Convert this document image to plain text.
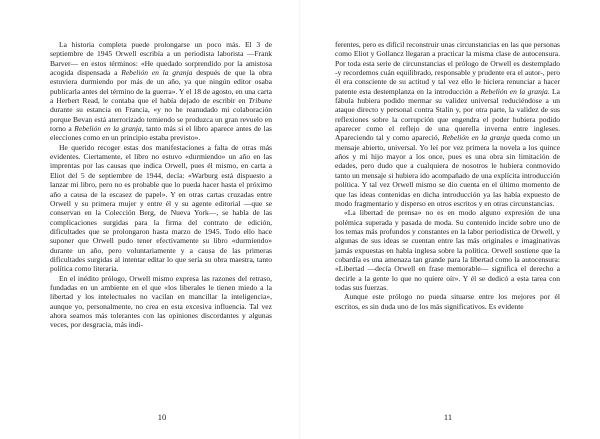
La historia completa puede prolongarse un poco más. El 3 de septiembre de 1945 Orwell escribía a un periodista laborista —Frank Barver— en estos términos: «He quedado sorprendido por la amistosa acogida dispensada a Rebelión en la granja después de que la obra estuviera durmiendo por más de un año, ya que ningún editor osaba publicarla antes del término de la guerra». Y el 18 de agosto, en una carta a Herbert Read, le contaba que el había dejado de escribir en Tribune durante su estancia en Francia, «y no he reanudado mi colaboración porque Bevan está aterrorizado temiendo se produzca un gran revuelo en torno a Rebelión en la granja, tanto más si el libro aparece antes de las elecciones como en un principio estaba previsto».

He querido recoger estas dos manifestaciones a falta de otras más evidentes. Ciertamente, el libro no estuvo «durmiendo» un año en las imprentas por las causas que indica Orwell, pues él mismo, en carta a Eliot del 5 de septiembre de 1944, decía: «Warburg está dispuesto a lanzar mi libro, pero no es probable que lo pueda hacer hasta el próximo año a causa de la escasez de papel». Y en otras cartas cruzadas entre Orwell y su primera mujer y entre él y su agente editorial —que se conservan en la Colección Berg, de Nueva York—, se habla de las complicaciones surgidas para la firma del contrato de edición, dificultades que se prolongaron hasta marzo de 1945. Todo ello hace suponer que Orwell pudo tener efectivamente su libro «durmiendo» durante un año, pero voluntariamente y a causa de las primeras dificultades surgidas al intentar editar lo que sería su obra maestra, tanto política como literaria.

En el inédito prólogo, Orwell mismo expresa las razones del retraso, fundadas en un ambiente en el que «los liberales le tienen miedo a la libertad y los intelectuales no vacilan en mancillar la inteligencia», aunque yo, personalmente, no crea en esta excesiva influencia. Tal vez ahora seamos más tolerantes con las opiniones discordantes y algunas veces, por desgracia, más indi-

10

ferentes, pero es difícil reconstruir unas circunstancias en las que personas como Eliot y Gollancz llegaran a practicar la misma clase de autocensura. Por toda esta serie de circunstancias el prólogo de Orwell es destemplado -y recordemos cuán equilibrado, responsable y prudente era el autor-, pero él era consciente de su actitud y tal vez ello le hiciera renunciar a hacer patente esta destemplanza en la introducción a Rebelión en la granja. La fábula hubiera podido mermar su validez universal reduciéndose a un ataque directo y personal contra Stalin y, por otra parte, la validez de sus reflexiones sobre la corrupción que engendra el poder hubiera podido aparecer como el reflejo de una querella inverna entre ingleses. Apareciendo tal y como apareció, Rebelión en la granja queda como un mensaje abierto, universal. Yo leí por vez primera la novela a los quince años y mi hijo mayor a los once, pues es una obra sin limitación de edades, pero dudo que a cualquiera de nosotros le hubiera conmovido tanto un mensaje si hubiera ido acompañado de una explícita introducción política. Y tal vez Orwell mismo se dio cuenta en el último momento de que las ideas contenidas en dicha introducción ya las había expuesto de modo fragmentario y disperso en otros escritos y en otras circunstancias.

«La libertad de prensa» no es en modo alguno expresión de una polémica superada y pasada de moda. Su contenido incide sobre uno de los temas más profundos y constantes en la labor periodística de Orwell, y algunas de sus ideas se cuentan entre las más originales e imaginativas jamás expuestas en habla inglesa sobre la política. Orwell sostiene que la cobardía es una amenaza tan grande para la libertad como la autocensura: «Libertad —decía Orwell en frase memorable— significa el derecho a decirle a la gente lo que no quiere oír». Y él se dedicó a esta tarea con todas sus fuerzas.

Aunque este prólogo no pueda situarse entre los mejores por él escritos, es sin duda uno de los más significativos. Es evidente

11
